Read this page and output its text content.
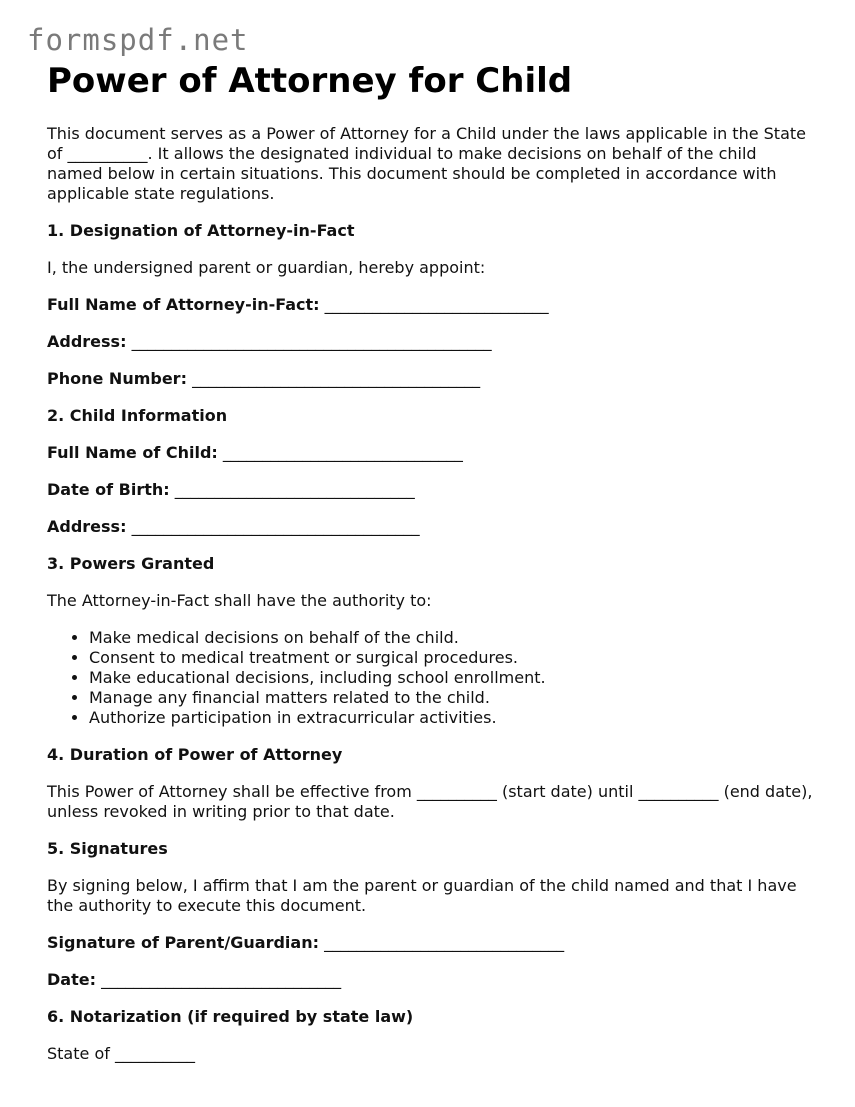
formspdf.net
Power of Attorney for Child

This document serves as a Power of Attorney for a Child under the laws applicable in the State of __________. It allows the designated individual to make decisions on behalf of the child named below in certain situations. This document should be completed in accordance with applicable state regulations.

1. Designation of Attorney-in-Fact

I, the undersigned parent or guardian, hereby appoint:

Full Name of Attorney-in-Fact: ____________________________
Address: _____________________________________________
Phone Number: ____________________________________

2. Child Information

Full Name of Child: ______________________________
Date of Birth: ______________________________
Address: ____________________________________

3. Powers Granted

The Attorney-in-Fact shall have the authority to:

• Make medical decisions on behalf of the child.
• Consent to medical treatment or surgical procedures.
• Make educational decisions, including school enrollment.
• Manage any financial matters related to the child.
• Authorize participation in extracurricular activities.

4. Duration of Power of Attorney

This Power of Attorney shall be effective from __________ (start date) until __________ (end date), unless revoked in writing prior to that date.

5. Signatures

By signing below, I affirm that I am the parent or guardian of the child named and that I have the authority to execute this document.

Signature of Parent/Guardian: ______________________________
Date: ______________________________

6. Notarization (if required by state law)

State of __________
